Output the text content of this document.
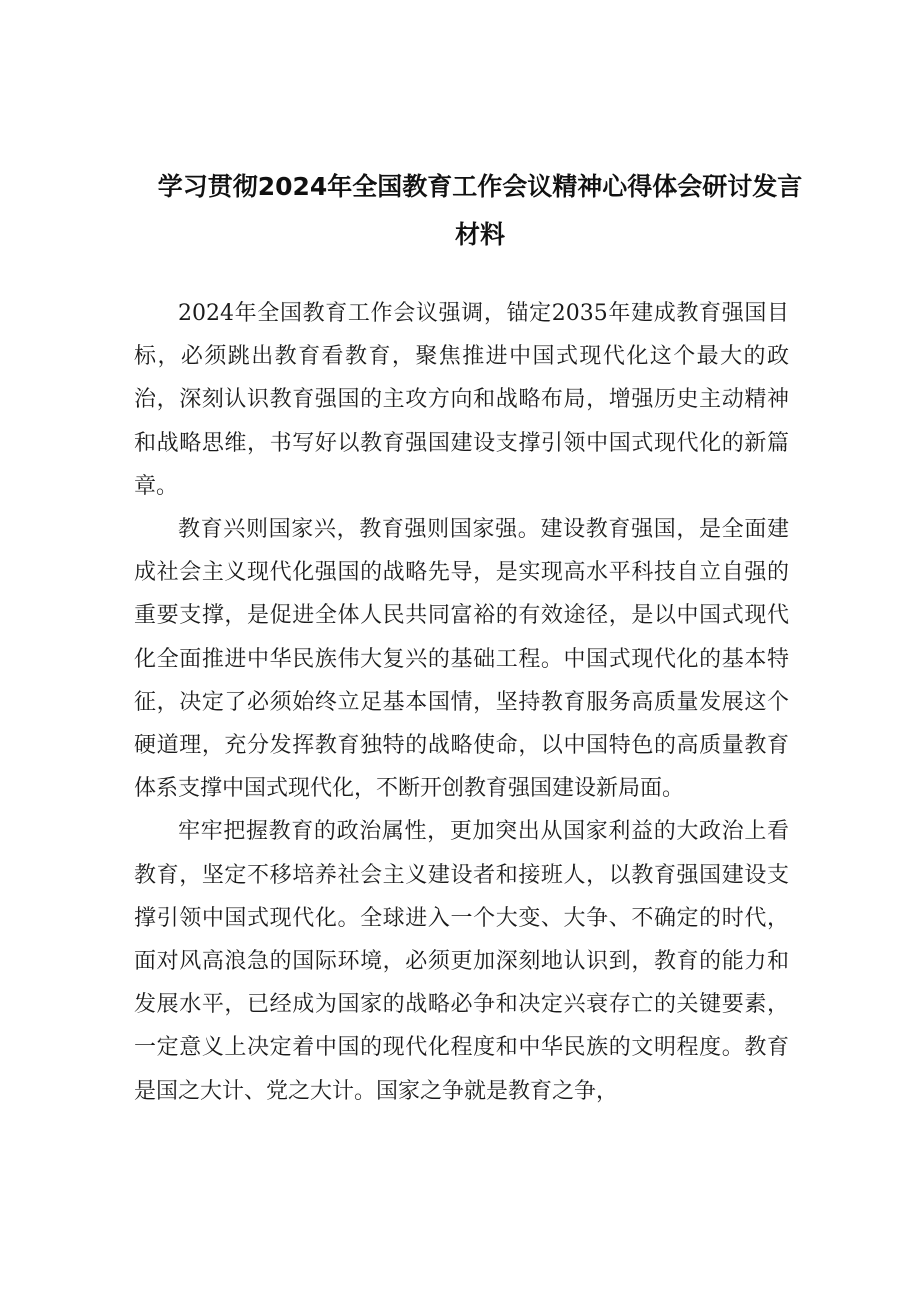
学习贯彻2024年全国教育工作会议精神心得体会研讨发言
材料

2024年全国教育工作会议强调，锚定2035年建成教育强国目标，必须跳出教育看教育，聚焦推进中国式现代化这个最大的政治，深刻认识教育强国的主攻方向和战略布局，增强历史主动精神和战略思维，书写好以教育强国建设支撑引领中国式现代化的新篇章。

教育兴则国家兴，教育强则国家强。建设教育强国，是全面建成社会主义现代化强国的战略先导，是实现高水平科技自立自强的重要支撑，是促进全体人民共同富裕的有效途径，是以中国式现代化全面推进中华民族伟大复兴的基础工程。中国式现代化的基本特征，决定了必须始终立足基本国情，坚持教育服务高质量发展这个硬道理，充分发挥教育独特的战略使命，以中国特色的高质量教育体系支撑中国式现代化，不断开创教育强国建设新局面。

牢牢把握教育的政治属性，更加突出从国家利益的大政治上看教育，坚定不移培养社会主义建设者和接班人，以教育强国建设支撑引领中国式现代化。全球进入一个大变、大争、不确定的时代，面对风高浪急的国际环境，必须更加深刻地认识到，教育的能力和发展水平，已经成为国家的战略必争和决定兴衰存亡的关键要素，一定意义上决定着中国的现代化程度和中华民族的文明程度。教育是国之大计、党之大计。国家之争就是教育之争，
